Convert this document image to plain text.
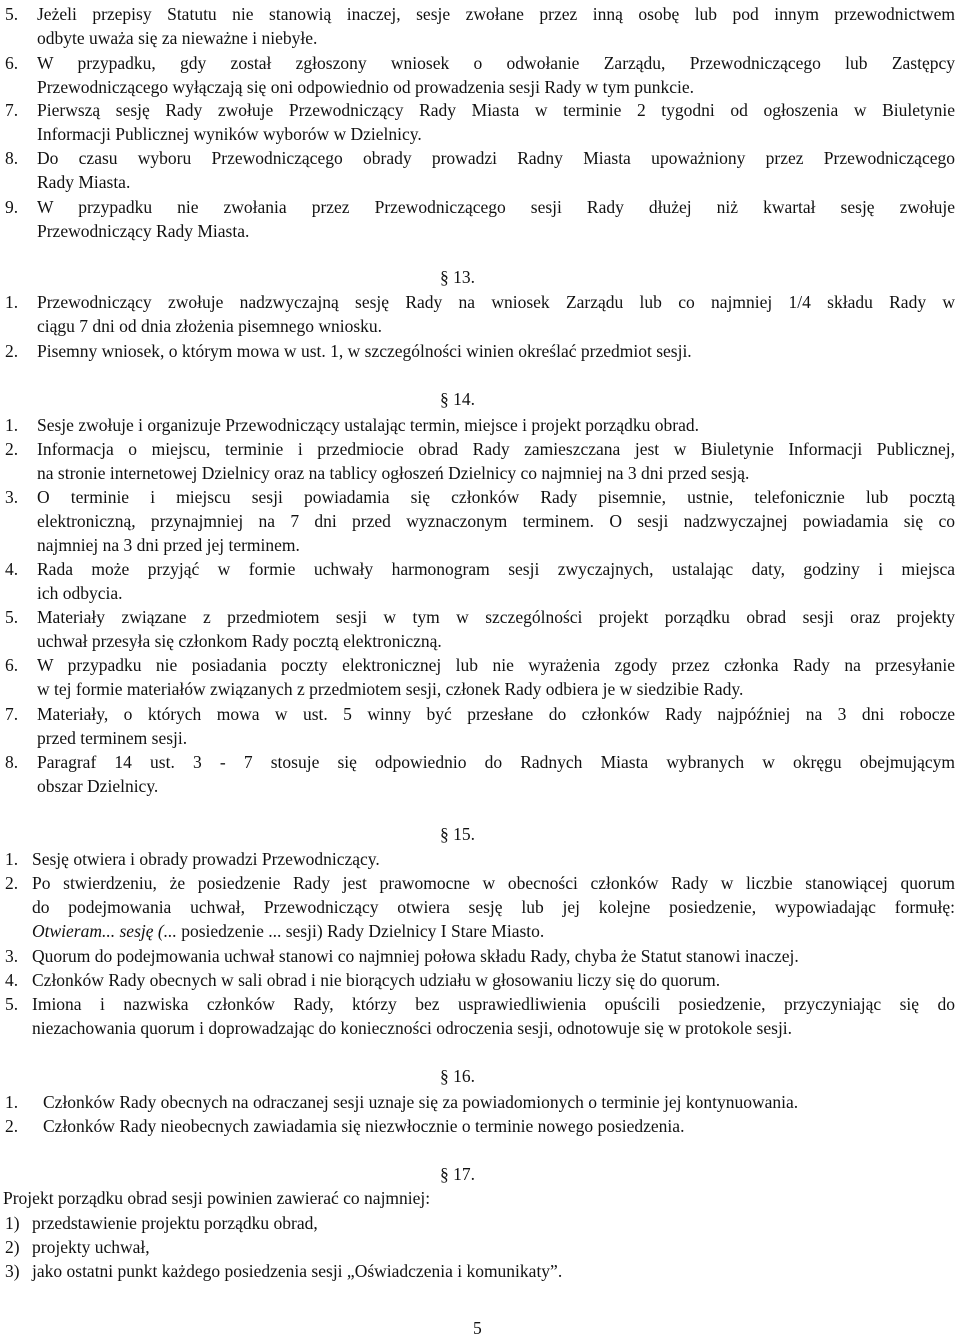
5. Jeżeli przepisy Statutu nie stanowią inaczej, sesje zwołane przez inną osobę lub pod innym przewodnictwem
odbyte uważa się za nieważne i niebyłe.
6. W przypadku, gdy został zgłoszony wniosek o odwołanie Zarządu, Przewodniczącego lub Zastępcy
Przewodniczącego wyłączają się oni odpowiednio od prowadzenia sesji Rady w tym punkcie.
7. Pierwszą sesję Rady zwołuje Przewodniczący Rady Miasta w terminie 2 tygodni od ogłoszenia w Biuletynie
Informacji Publicznej wyników wyborów w Dzielnicy.
8. Do czasu wyboru Przewodniczącego obrady prowadzi Radny Miasta upoważniony przez Przewodniczącego
Rady Miasta.
9. W przypadku nie zwołania przez Przewodniczącego sesji Rady dłużej niż kwartał sesję zwołuje
Przewodniczący Rady Miasta.
§ 13.
1. Przewodniczący zwołuje nadzwyczajną sesję Rady na wniosek Zarządu lub co najmniej 1/4 składu Rady w
ciągu 7 dni od dnia złożenia pisemnego wniosku.
2. Pisemny wniosek, o którym mowa w ust. 1, w szczególności winien określać przedmiot sesji.
§ 14.
1. Sesje zwołuje i organizuje Przewodniczący ustalając termin, miejsce i projekt porządku obrad.
2. Informacja o miejscu, terminie i przedmiocie obrad Rady zamieszczana jest w Biuletynie Informacji Publicznej,
na stronie internetowej Dzielnicy oraz na tablicy ogłoszeń Dzielnicy co najmniej na 3 dni przed sesją.
3. O terminie i miejscu sesji powiadamia się członków Rady pisemnie, ustnie, telefonicznie lub pocztą
elektroniczną, przynajmniej na 7 dni przed wyznaczonym terminem. O sesji nadzwyczajnej powiadamia się co
najmniej na 3 dni przed jej terminem.
4. Rada może przyjąć w formie uchwały harmonogram sesji zwyczajnych, ustalając daty, godziny i miejsca
ich odbycia.
5. Materiały związane z przedmiotem sesji w tym w szczególności projekt porządku obrad sesji oraz projekty
uchwał przesyła się członkom Rady pocztą elektroniczną.
6. W przypadku nie posiadania poczty elektronicznej lub nie wyrażenia zgody przez członka Rady na przesyłanie
w tej formie materiałów związanych z przedmiotem sesji, członek Rady odbiera je w siedzibie Rady.
7. Materiały, o których mowa w ust. 5 winny być przesłane do członków Rady najpóźniej na 3 dni robocze
przed terminem sesji.
8. Paragraf 14 ust. 3 - 7 stosuje się odpowiednio do Radnych Miasta wybranych w okręgu obejmującym
obszar Dzielnicy.
§ 15.
1. Sesję otwiera i obrady prowadzi Przewodniczący.
2. Po stwierdzeniu, że posiedzenie Rady jest prawomocne w obecności członków Rady w liczbie stanowiącej quorum
do podejmowania uchwał, Przewodniczący otwiera sesję lub jej kolejne posiedzenie, wypowiadając formułę:
Otwieram... sesję (... posiedzenie ... sesji) Rady Dzielnicy I Stare Miasto.
3. Quorum do podejmowania uchwał stanowi co najmniej połowa składu Rady, chyba że Statut stanowi inaczej.
4. Członków Rady obecnych w sali obrad i nie biorących udziału w głosowaniu liczy się do quorum.
5. Imiona i nazwiska członków Rady, którzy bez usprawiedliwienia opuścili posiedzenie, przyczyniając się do
niezachowania quorum i doprowadzając do konieczności odroczenia sesji, odnotowuje się w protokole sesji.
§ 16.
1. Członków Rady obecnych na odraczanej sesji uznaje się za powiadomionych o terminie jej kontynuowania.
2. Członków Rady nieobecnych zawiadamia się niezwłocznie o terminie nowego posiedzenia.
§ 17.
Projekt porządku obrad sesji powinien zawierać co najmniej:
1) przedstawienie projektu porządku obrad,
2) projekty uchwał,
3) jako ostatni punkt każdego posiedzenia sesji „Oświadczenia i komunikaty”.
5
